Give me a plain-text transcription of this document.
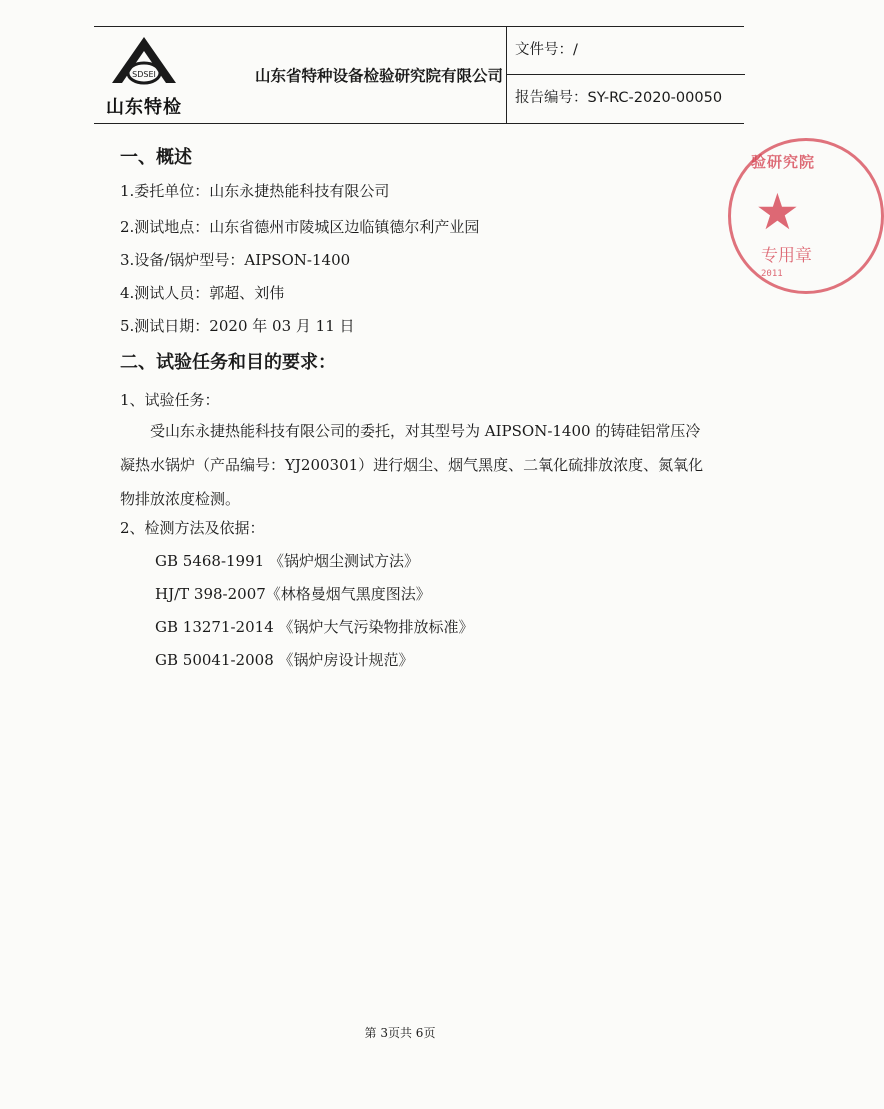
SDSEI
山东特检
山东省特种设备检验研究院有限公司
文件号：/
报告编号：SY-RC-2020-00050
验研究院
★
专用章
2011
一、概述
1.委托单位：山东永捷热能科技有限公司
2.测试地点：山东省德州市陵城区边临镇德尔利产业园
3.设备/锅炉型号：AIPSON-1400
4.测试人员：郭超、刘伟
5.测试日期：2020 年 03 月 11 日
二、试验任务和目的要求：
1、试验任务：
　　受山东永捷热能科技有限公司的委托，对其型号为 AIPSON-1400 的铸硅铝常压冷
凝热水锅炉（产品编号：YJ200301）进行烟尘、烟气黑度、二氧化硫排放浓度、氮氧化
物排放浓度检测。
2、检测方法及依据：
GB 5468-1991 《锅炉烟尘测试方法》
HJ/T 398-2007《林格曼烟气黑度图法》
GB 13271-2014 《锅炉大气污染物排放标准》
GB 50041-2008 《锅炉房设计规范》
第 3页共 6页
